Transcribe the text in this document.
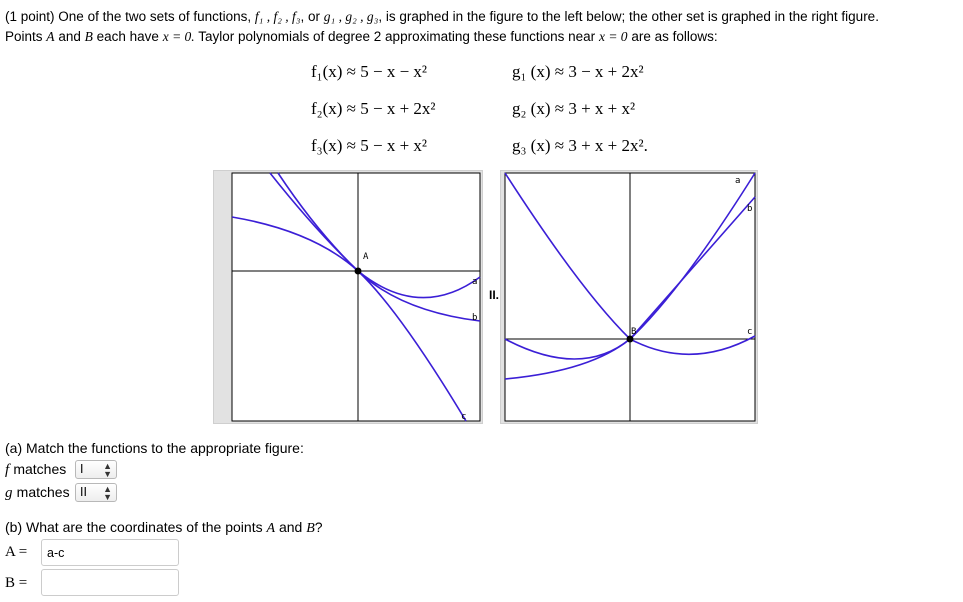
(1 point) One of the two sets of functions, f₁ , f₂ , f₃, or g₁ , g₂ , g₃, is graphed in the figure to the left below; the other set is graphed in the right figure.
Points A and B each have x = 0. Taylor polynomials of degree 2 approximating these functions near x = 0 are as follows:
f₁(x) ≈ 5 − x − x²
f₂(x) ≈ 5 − x + 2x²
f₃(x) ≈ 5 − x + x²
g₁ (x) ≈ 3 − x + 2x²
g₂ (x) ≈ 3 + x + x²
g₃ (x) ≈ 3 + x + 2x².
II.
A
a
b
c
B
a
b
c
(a) Match the functions to the appropriate figure:
f matches	I ▲
▼
g matches II ▲
▼
(b) What are the coordinates of the points A and B?
A =
a-c
B =
